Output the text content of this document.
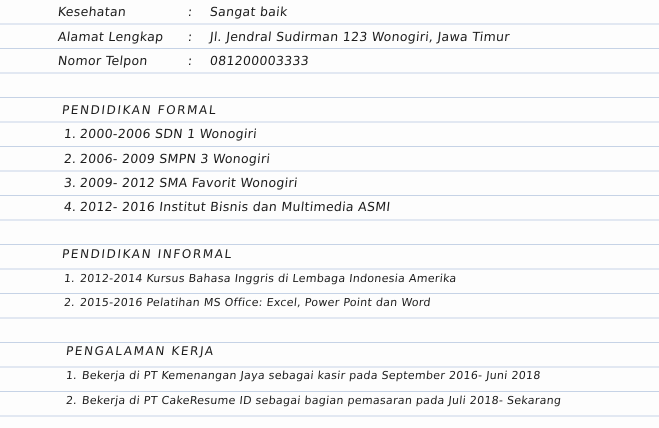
Kesehatan	: Sangat baik
Alamat Lengkap : Jl. Jendral Sudirman 123 Wonogiri, Jawa Timur
Nomor Telpon	: 081200003333
PENDIDIKAN FORMAL
1. 2000-2006 SDN 1 Wonogiri
2. 2006- 2009 SMPN 3 Wonogiri
3. 2009- 2012 SMA Favorit Wonogiri
4. 2012- 2016 Institut Bisnis dan Multimedia ASMI
PENDIDIKAN INFORMAL
1. 2012-2014 Kursus Bahasa Inggris di Lembaga Indonesia Amerika
2. 2015-2016 Pelatihan MS Office: Excel, Power Point dan Word
PENGALAMAN KERJA
1. Bekerja di PT Kemenangan Jaya sebagai kasir pada September 2016- Juni 2018
2. Bekerja di PT CakeResume ID sebagai bagian pemasaran pada Juli 2018- Sekarang
